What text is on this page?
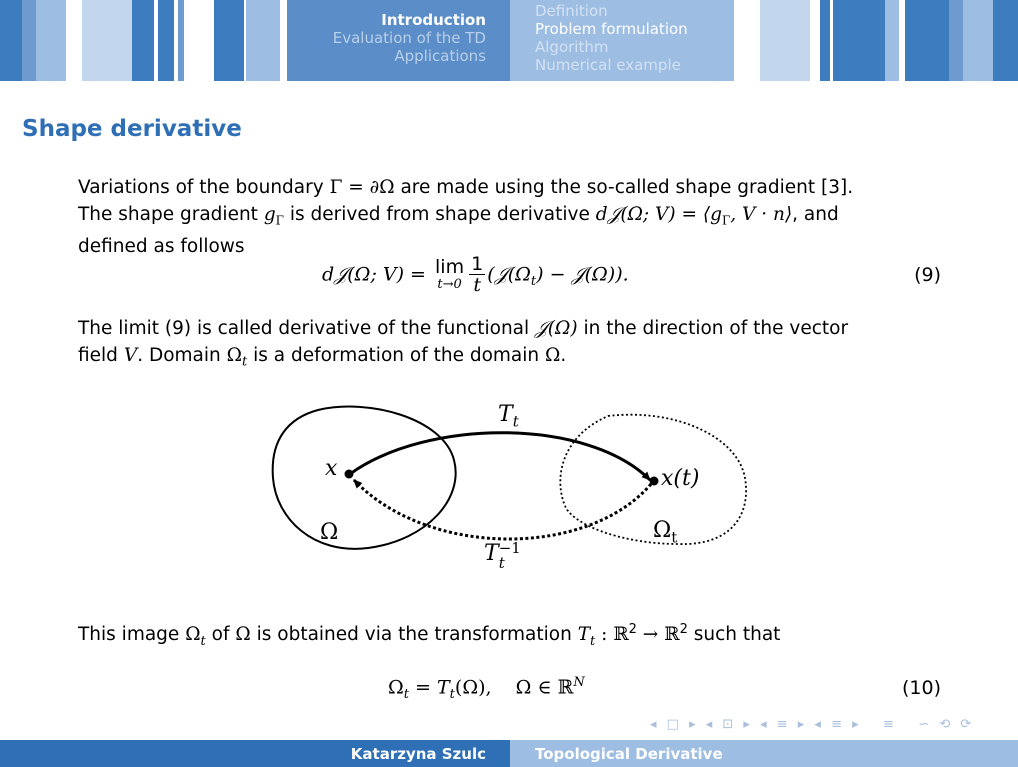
Introduction
Evaluation of the TD
Applications
Definition
Problem formulation
Algorithm
Numerical example
Shape derivative
Variations of the boundary Γ = ∂Ω are made using the so-called shape gradient [3].
The shape gradient $g_\Gamma$ is derived from shape derivative d𝒥(Ω; $V) = ⟨g_\Gamma$, V · n⟩, and
defined as follows
d𝒥(Ω; V) = lim
$t\to 0 \frac{1}{t}$ ($𝒥(\Omega_t)$ − 𝒥(Ω)).	(9)
The limit (9) is called derivative of the functional 𝒥(Ω) in the direction of the vector
field V. Domain $\Omega_t$ is a deformation of the domain Ω.
x	x(t)
Ω	$\Omega_t$
$T_t$
T −1
t
This image $\Omega_t$ of Ω is obtained via the transformation $T_t$ : ℝ$^2$ → ℝ$^2$ such that
$\Omega_t = T_t(\Omega)$,    Ω ∈ ℝ$^N$	(10)
◂ □ ▸ ◂ ⊡ ▸ ◂ ≡ ▸ ◂ ≡ ▸   ≡   ∽ ⟲ ⟳
Katarzyna Szulc	Topological Derivative
